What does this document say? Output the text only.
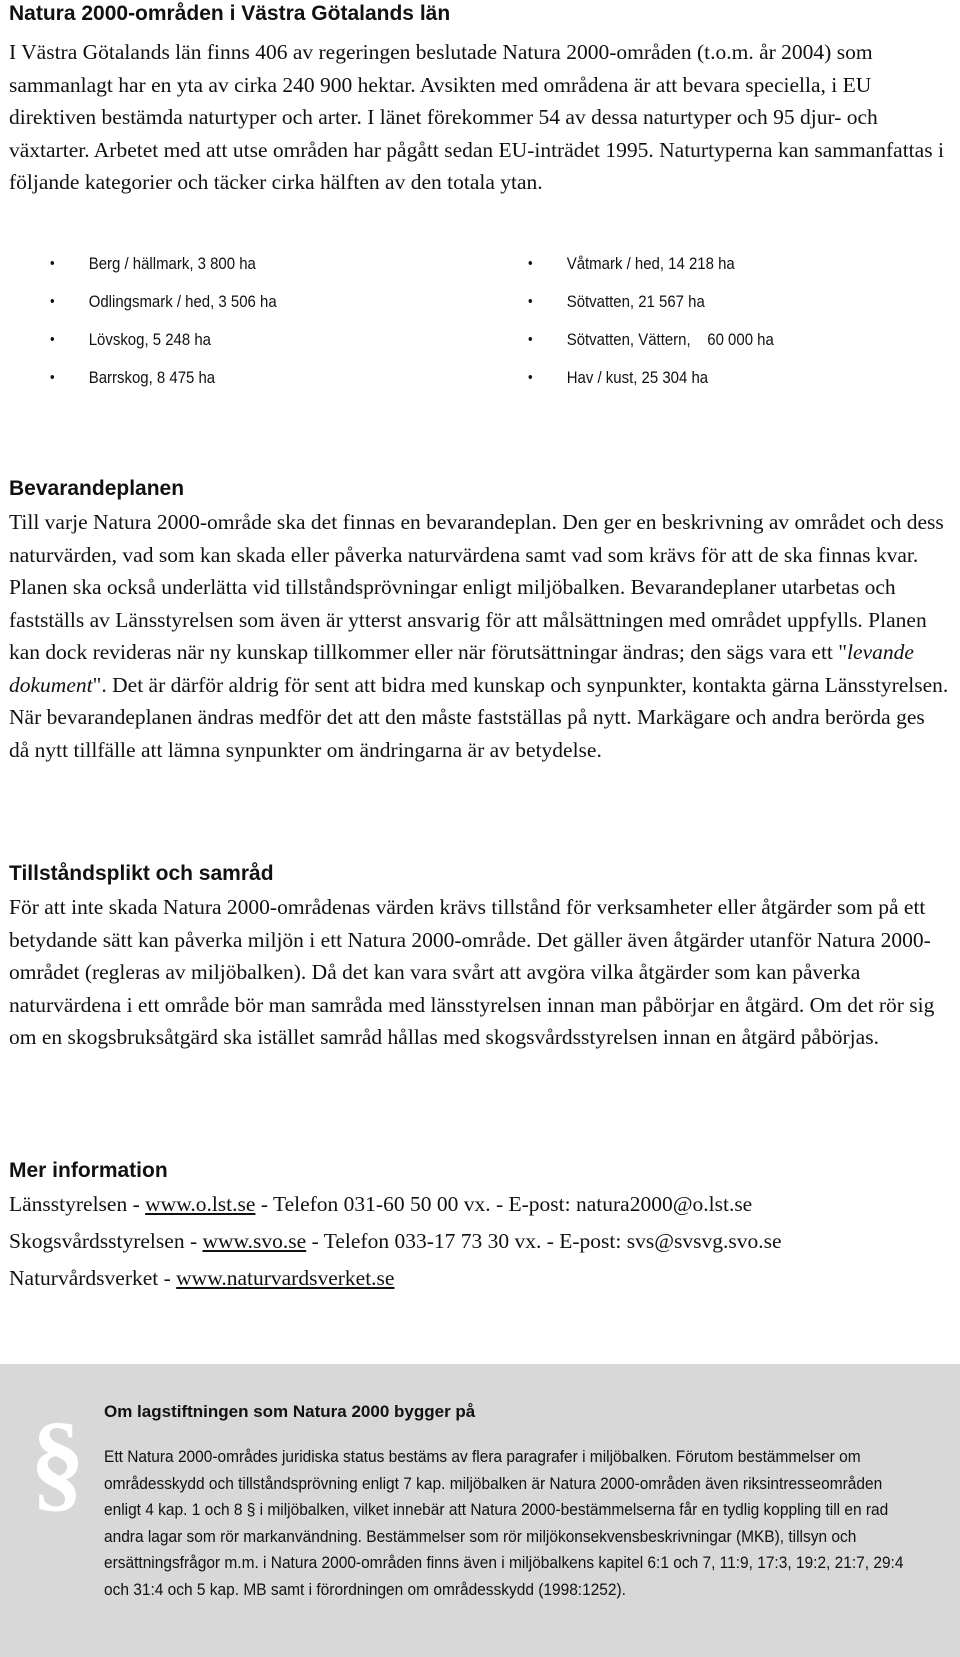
Natura 2000-områden i Västra Götalands län

I Västra Götalands län finns 406 av regeringen beslutade Natura 2000-områden (t.o.m. år 2004) som sammanlagt har en yta av cirka 240 900 hektar. Avsikten med områdena är att bevara speciella, i EU direktiven bestämda naturtyper och arter. I länet förekommer 54 av dessa naturtyper och 95 djur- och växtarter. Arbetet med att utse områden har pågått sedan EU-inträdet 1995. Naturtyperna kan sammanfattas i följande kategorier och täcker cirka hälften av den totala ytan.

• Berg / hällmark, 3 800 ha
• Odlingsmark / hed, 3 506 ha
• Lövskog, 5 248 ha
• Barrskog, 8 475 ha
• Våtmark / hed, 14 218 ha
• Sötvatten, 21 567 ha
• Sötvatten, Vättern,    60 000 ha
• Hav / kust, 25 304 ha
Bevarandeplanen

Till varje Natura 2000-område ska det finnas en bevarandeplan. Den ger en beskrivning av området och dess naturvärden, vad som kan skada eller påverka naturvärdena samt vad som krävs för att de ska finnas kvar. Planen ska också underlätta vid tillståndsprövningar enligt miljöbalken. Bevarandeplaner utarbetas och fastställs av Länsstyrelsen som även är ytterst ansvarig för att målsättningen med området uppfylls. Planen kan dock revideras när ny kunskap tillkommer eller när förutsättningar ändras; den sägs vara ett "levande dokument". Det är därför aldrig för sent att bidra med kunskap och synpunkter, kontakta gärna Länsstyrelsen. När bevarandeplanen ändras medför det att den måste fastställas på nytt. Markägare och andra berörda ges då nytt tillfälle att lämna synpunkter om ändringarna är av betydelse.

Tillståndsplikt och samråd

För att inte skada Natura 2000-områdenas värden krävs tillstånd för verksamheter eller åtgärder som på ett betydande sätt kan påverka miljön i ett Natura 2000-område. Det gäller även åtgärder utanför Natura 2000-området (regleras av miljöbalken). Då det kan vara svårt att avgöra vilka åtgärder som kan påverka naturvärdena i ett område bör man samråda med länsstyrelsen innan man påbörjar en åtgärd. Om det rör sig om en skogsbruksåtgärd ska istället samråd hållas med skogsvårdsstyrelsen innan en åtgärd påbörjas.

Mer information
Länsstyrelsen - www.o.lst.se - Telefon 031-60 50 00 vx. - E-post: natura2000@o.lst.se
Skogsvårdsstyrelsen - www.svo.se - Telefon 033-17 73 30 vx. - E-post: svs@svsvg.svo.se
Naturvårdsverket - www.naturvardsverket.se
§ Om lagstiftningen som Natura 2000 bygger på

Ett Natura 2000-områdes juridiska status bestäms av flera paragrafer i miljöbalken. Förutom bestämmelser om områdesskydd och tillståndsprövning enligt 7 kap. miljöbalken är Natura 2000-områden även riksintresseområden enligt 4 kap. 1 och 8 § i miljöbalken, vilket innebär att Natura 2000-bestämmelserna får en tydlig koppling till en rad andra lagar som rör markanvändning. Bestämmelser som rör miljökonsekvensbeskrivningar (MKB), tillsyn och ersättningsfrågor m.m. i Natura 2000-områden finns även i miljöbalkens kapitel 6:1 och 7, 11:9, 17:3, 19:2, 21:7, 29:4 och 31:4 och 5 kap. MB samt i förordningen om områdesskydd (1998:1252).
